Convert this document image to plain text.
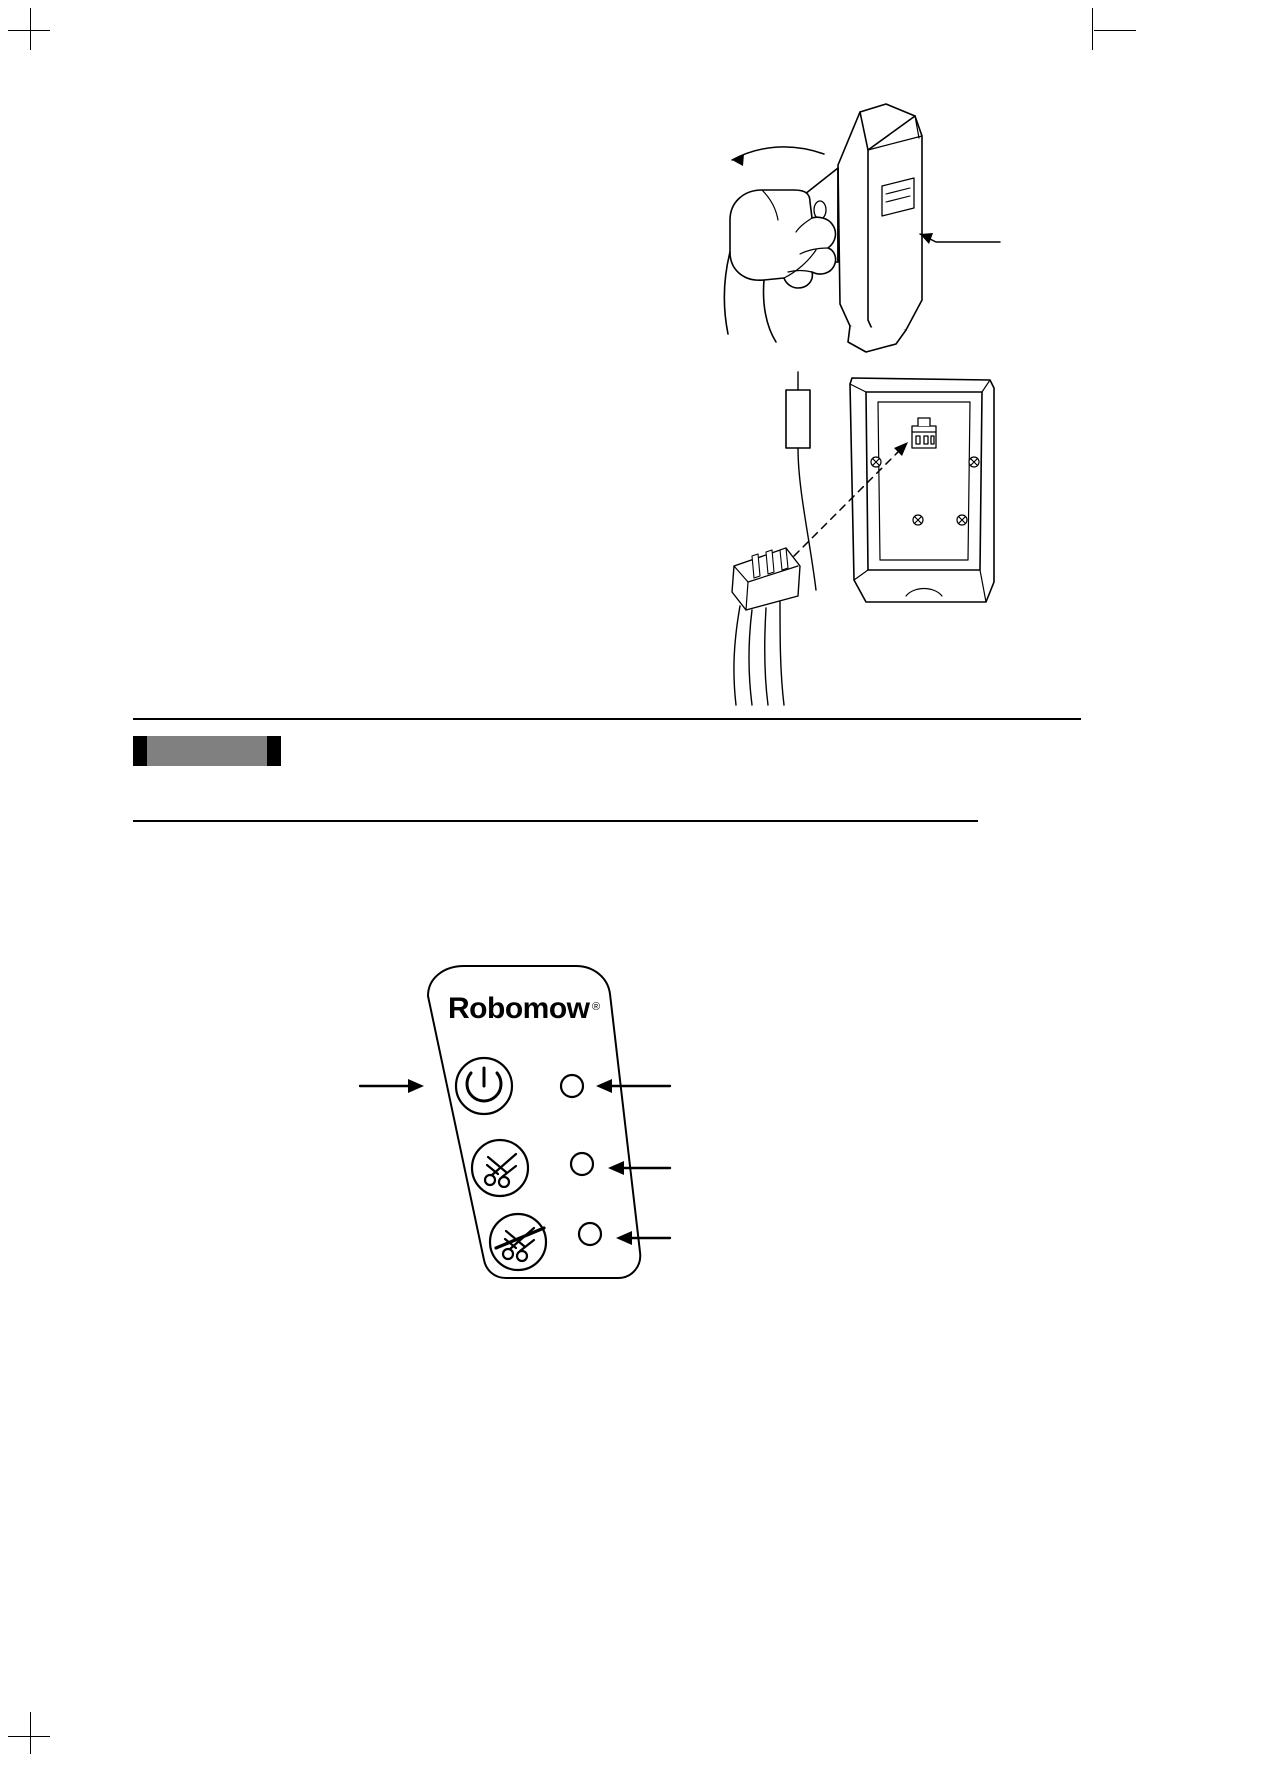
Robomow ®
